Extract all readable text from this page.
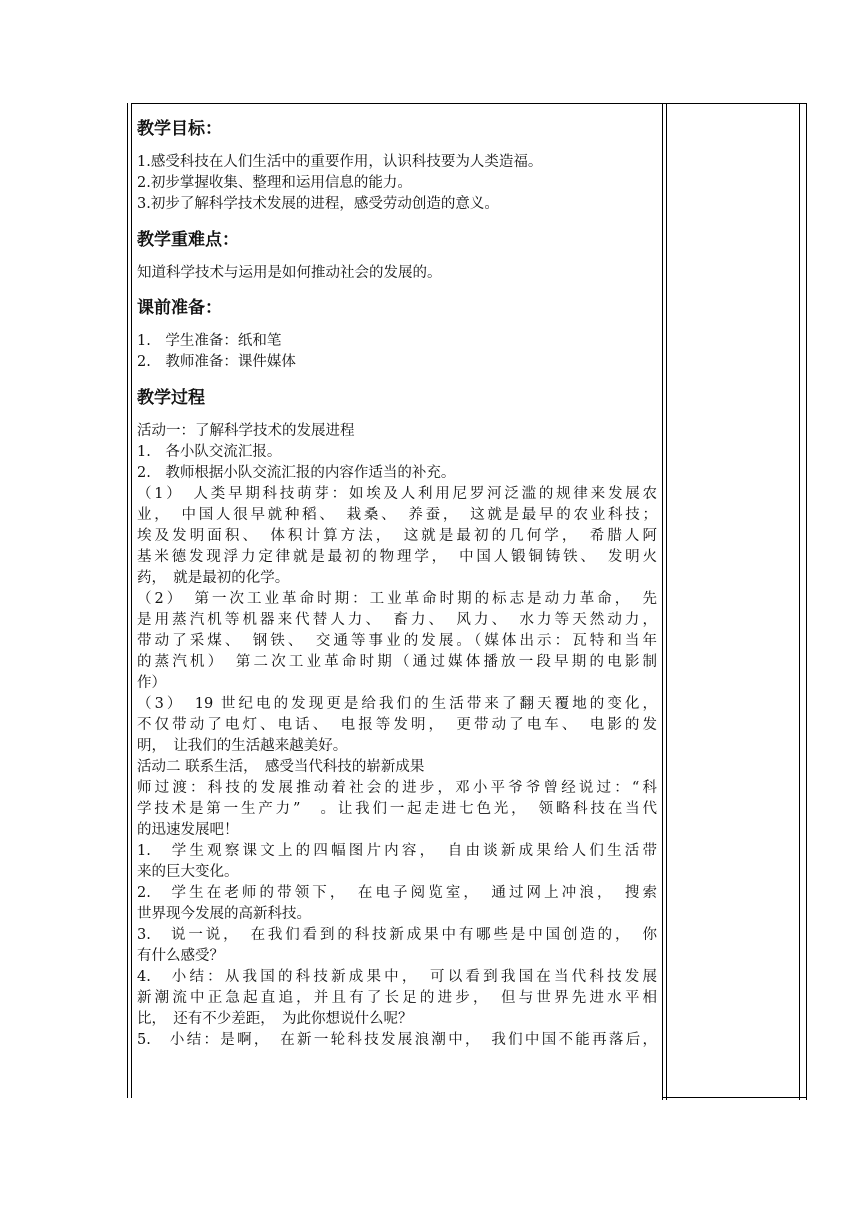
教学目标：
1.感受科技在人们生活中的重要作用，认识科技要为人类造福。
2.初步掌握收集、整理和运用信息的能力。
3.初步了解科学技术发展的进程，感受劳动创造的意义。
教学重难点：
知道科学技术与运用是如何推动社会的发展的。
课前准备：
1.　学生准备：纸和笔
2.　教师准备：课件媒体
教学过程
活动一：了解科学技术的发展进程
1.　各小队交流汇报。
2.　教师根据小队交流汇报的内容作适当的补充。
（1）　人类早期科技萌芽：如埃及人利用尼罗河泛滥的规律来发展农
业，　中国人很早就种稻、　栽桑、　养蚕，　这就是最早的农业科技；
埃及发明面积、　体积计算方法，　这就是最初的几何学，　希腊人阿
基米德发现浮力定律就是最初的物理学，　中国人锻铜铸铁、　发明火
药，　就是最初的化学。
（2）　第一次工业革命时期：工业革命时期的标志是动力革命，　先
是用蒸汽机等机器来代替人力、　畜力、　风力、　水力等天然动力，
带动了采煤、　钢铁、　交通等事业的发展。（媒体出示：瓦特和当年
的蒸汽机）　第二次工业革命时期（通过媒体播放一段早期的电影制
作）
（3）　19 世纪电的发现更是给我们的生活带来了翻天覆地的变化，
不仅带动了电灯、电话、　电报等发明，　更带动了电车、　电影的发
明，　让我们的生活越来越美好。
活动二 联系生活，　感受当代科技的崭新成果
师过渡：科技的发展推动着社会的进步，邓小平爷爷曾经说过：“科
学技术是第一生产力”　。让我们一起走进七色光，　领略科技在当代
的迅速发展吧！
1.　学生观察课文上的四幅图片内容，　自由谈新成果给人们生活带
来的巨大变化。
2.　学生在老师的带领下，　在电子阅览室，　通过网上冲浪，　搜索
世界现今发展的高新科技。
3.　说一说，　在我们看到的科技新成果中有哪些是中国创造的，　你
有什么感受？
4.　小结：从我国的科技新成果中，　可以看到我国在当代科技发展
新潮流中正急起直追，并且有了长足的进步，　但与世界先进水平相
比，　还有不少差距，　为此你想说什么呢？
5.　小结：是啊，　在新一轮科技发展浪潮中，　我们中国不能再落后，
